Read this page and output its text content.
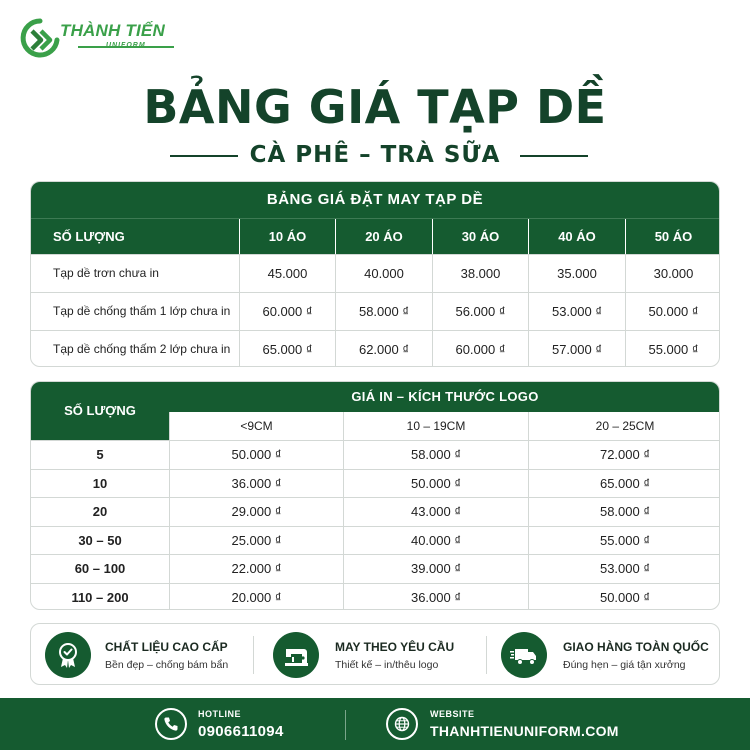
THÀNH TIẾN
UNIFORM
BẢNG GIÁ TẠP DỀ
CÀ PHÊ – TRÀ SỮA
BẢNG GIÁ ĐẶT MAY TẠP DỀ
SỐ LƯỢNG	10 ÁO	20 ÁO	30 ÁO	40 ÁO	50 ÁO
Tạp dề trơn chưa in	45.000	40.000	38.000	35.000	30.000
Tạp dề chống thấm 1 lớp chưa in	60.000 ₫	58.000 ₫	56.000 ₫	53.000 ₫	50.000 ₫
Tạp dề chống thấm 2 lớp chưa in	65.000 ₫	62.000 ₫	60.000 ₫	57.000 ₫	55.000 ₫
SỐ LƯỢNG
GIÁ IN – KÍCH THƯỚC LOGO
<9CM	10 – 19CM	20 – 25CM
5	50.000 ₫	58.000 ₫	72.000 ₫
10	36.000 ₫	50.000 ₫	65.000 ₫
20	29.000 ₫	43.000 ₫	58.000 ₫
30 – 50	25.000 ₫	40.000 ₫	55.000 ₫
60 – 100	22.000 ₫	39.000 ₫	53.000 ₫
110 – 200	20.000 ₫	36.000 ₫	50.000 ₫
CHẤT LIỆU CAO CẤP
Bền đẹp – chống bám bẩn
MAY THEO YÊU CẦU
Thiết kế – in/thêu logo
GIAO HÀNG TOÀN QUỐC
Đúng hẹn – giá tận xưởng
HOTLINE
0906611094
WEBSITE
THANHTIENUNIFORM.COM
